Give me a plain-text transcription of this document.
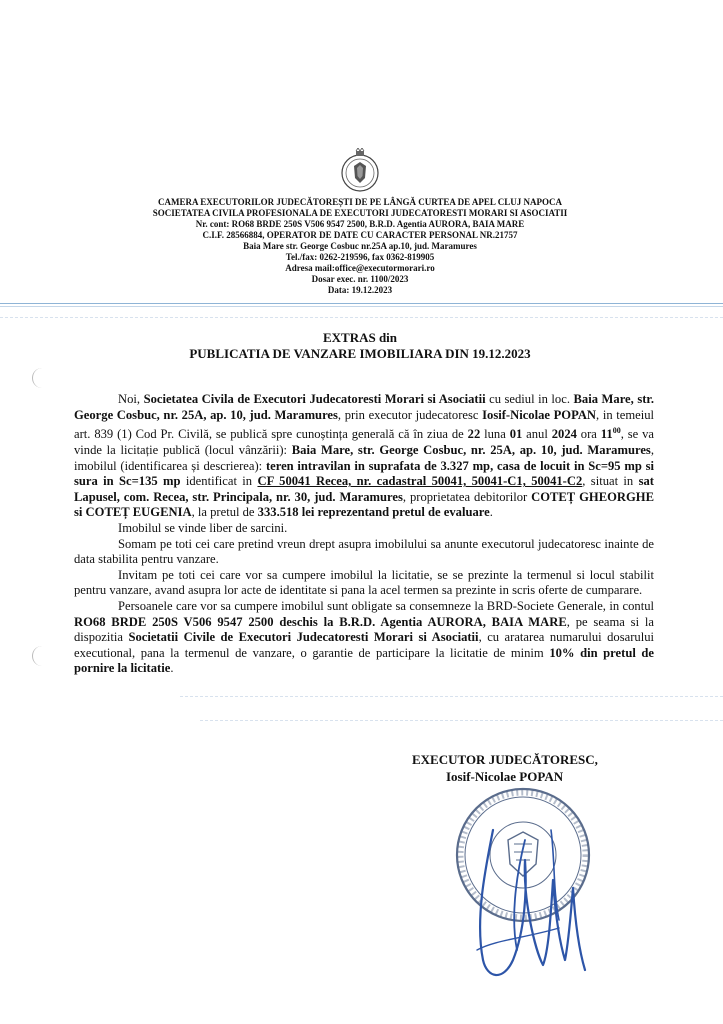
CAMERA EXECUTORILOR JUDECĂTOREȘTI DE PE LÂNGĂ CURTEA DE APEL CLUJ NAPOCA
SOCIETATEA CIVILA PROFESIONALA DE EXECUTORI JUDECATORESTI MORARI SI ASOCIATII
Nr. cont: RO68 BRDE 250S V506 9547 2500, B.R.D. Agentia AURORA, BAIA MARE
C.I.F. 28566884, OPERATOR DE DATE CU CARACTER PERSONAL NR.21757
Baia Mare str. George Cosbuc nr.25A ap.10, jud. Maramures
Tel./fax: 0262-219596, fax 0362-819905
Adresa mail:office@executormorari.ro
Dosar exec. nr. 1100/2023
Data: 19.12.2023
EXTRAS din
PUBLICATIA DE VANZARE IMOBILIARA DIN 19.12.2023

Noi, Societatea Civila de Executori Judecatoresti Morari si Asociatii cu sediul in loc. Baia Mare, str. George Cosbuc, nr. 25A, ap. 10, jud. Maramures, prin executor judecatoresc Iosif-Nicolae POPAN, in temeiul art. 839 (1) Cod Pr. Civilă, se publică spre cunoștința generală că în ziua de 22 luna 01 anul 2024 ora $11^{00}$, se va vinde la licitație publică (locul vânzării): Baia Mare, str. George Cosbuc, nr. 25A, ap. 10, jud. Maramures, imobilul (identificarea și descrierea): teren intravilan in suprafata de 3.327 mp, casa de locuit in Sc=95 mp si sura in Sc=135 mp identificat in CF 50041 Recea, nr. cadastral 50041, 50041-C1, 50041-C2, situat in sat Lapusel, com. Recea, str. Principala, nr. 30, jud. Maramures, proprietatea debitorilor COTEȚ GHEORGHE si COTEȚ EUGENIA, la pretul de 333.518 lei reprezentand pretul de evaluare.

Imobilul se vinde liber de sarcini.

Somam pe toti cei care pretind vreun drept asupra imobilului sa anunte executorul judecatoresc inainte de data stabilita pentru vanzare.

Invitam pe toti cei care vor sa cumpere imobilul la licitatie, se se prezinte la termenul si locul stabilit pentru vanzare, avand asupra lor acte de identitate si pana la acel termen sa prezinte in scris oferte de cumparare.

Persoanele care vor sa cumpere imobilul sunt obligate sa consemneze la BRD-Societe Generale, in contul RO68 BRDE 250S V506 9547 2500 deschis la B.R.D. Agentia AURORA, BAIA MARE, pe seama si la dispozitia Societatii Civile de Executori Judecatoresti Morari si Asociatii, cu aratarea numarului dosarului executional, pana la termenul de vanzare, o garantie de participare la licitatie de minim 10% din pretul de pornire la licitatie.

EXECUTOR JUDECĂTORESC,
Iosif-Nicolae POPAN
